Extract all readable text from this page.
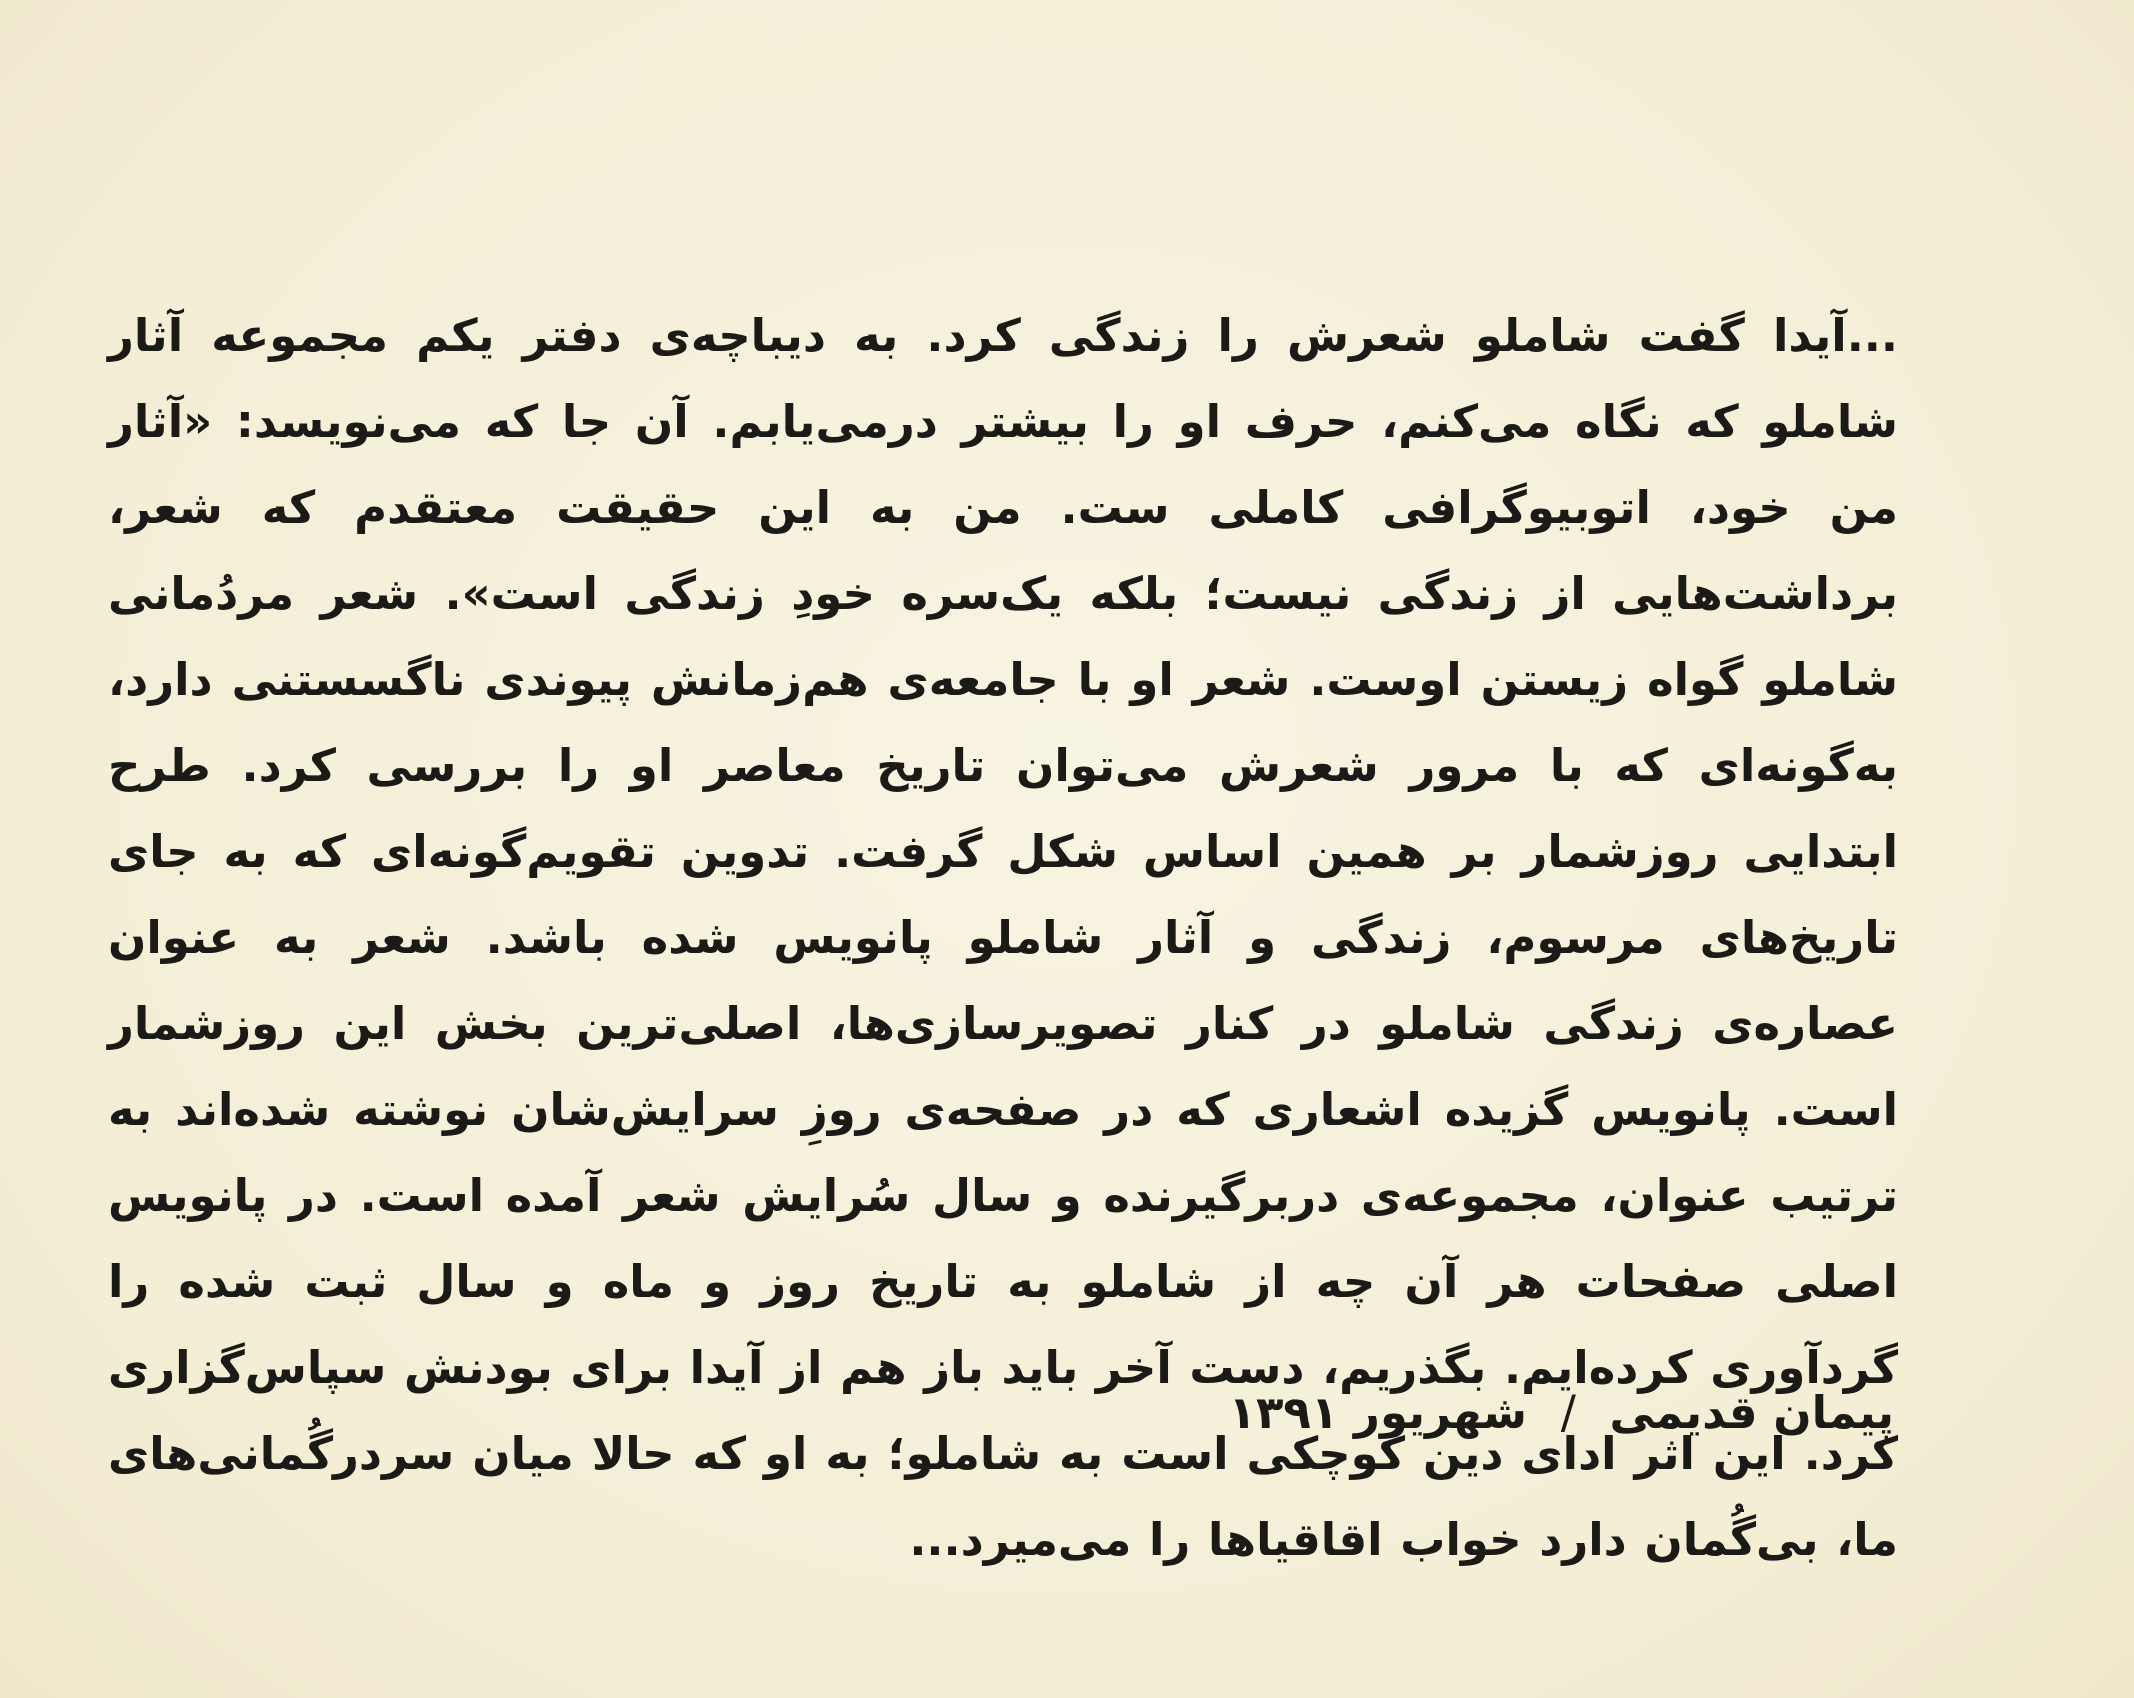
...آیدا گفت شاملو شعرش را زندگی کرد. به دیباچه‌ی دفتر یکم مجموعه آثار شاملو که نگاه می‌کنم، حرف او را بیشتر درمی‌یابم. آن جا که می‌نویسد: «آثار من خود، اتوبیوگرافی کاملی ست. من به این حقیقت معتقدم که شعر، برداشت‌هایی از زندگی نیست؛ بلکه یک‌سره خودِ زندگی است». شعر مردُمانی شاملو گواه زیستن اوست. شعر او با جامعه‌ی هم‌زمانش پیوندی ناگسستنی دارد، به‌گونه‌ای که با مرور شعرش می‌توان تاریخ معاصر او را بررسی کرد. طرح ابتدایی روزشمار بر همین اساس شکل گرفت. تدوین تقویم‌گونه‌ای که به جای تاریخ‌های مرسوم، زندگی و آثار شاملو پانویس شده باشد. شعر به عنوان عصاره‌ی زندگی شاملو در کنار تصویرسازی‌ها، اصلی‌ترین بخش این روزشمار است. پانویس گزیده اشعاری که در صفحه‌ی روزِ سرایش‌شان نوشته شده‌اند به ترتیب عنوان، مجموعه‌ی دربرگیرنده و سال سُرایش شعر آمده است. در پانویس اصلی صفحات هر آن چه از شاملو به تاریخ روز و ماه و سال ثبت شده را گردآوری کرده‌ایم. بگذریم، دست آخر باید باز هم از آیدا برای بودنش سپاس‌گزاری کرد. این اثر ادای دین کوچکی است به شاملو؛ به او که حالا میان سردرگُمانی‌های ما، بی‌گُمان دارد خواب اقاقیاها را می‌میرد...

پیمان قدیمی / شهریور ۱۳۹۱
